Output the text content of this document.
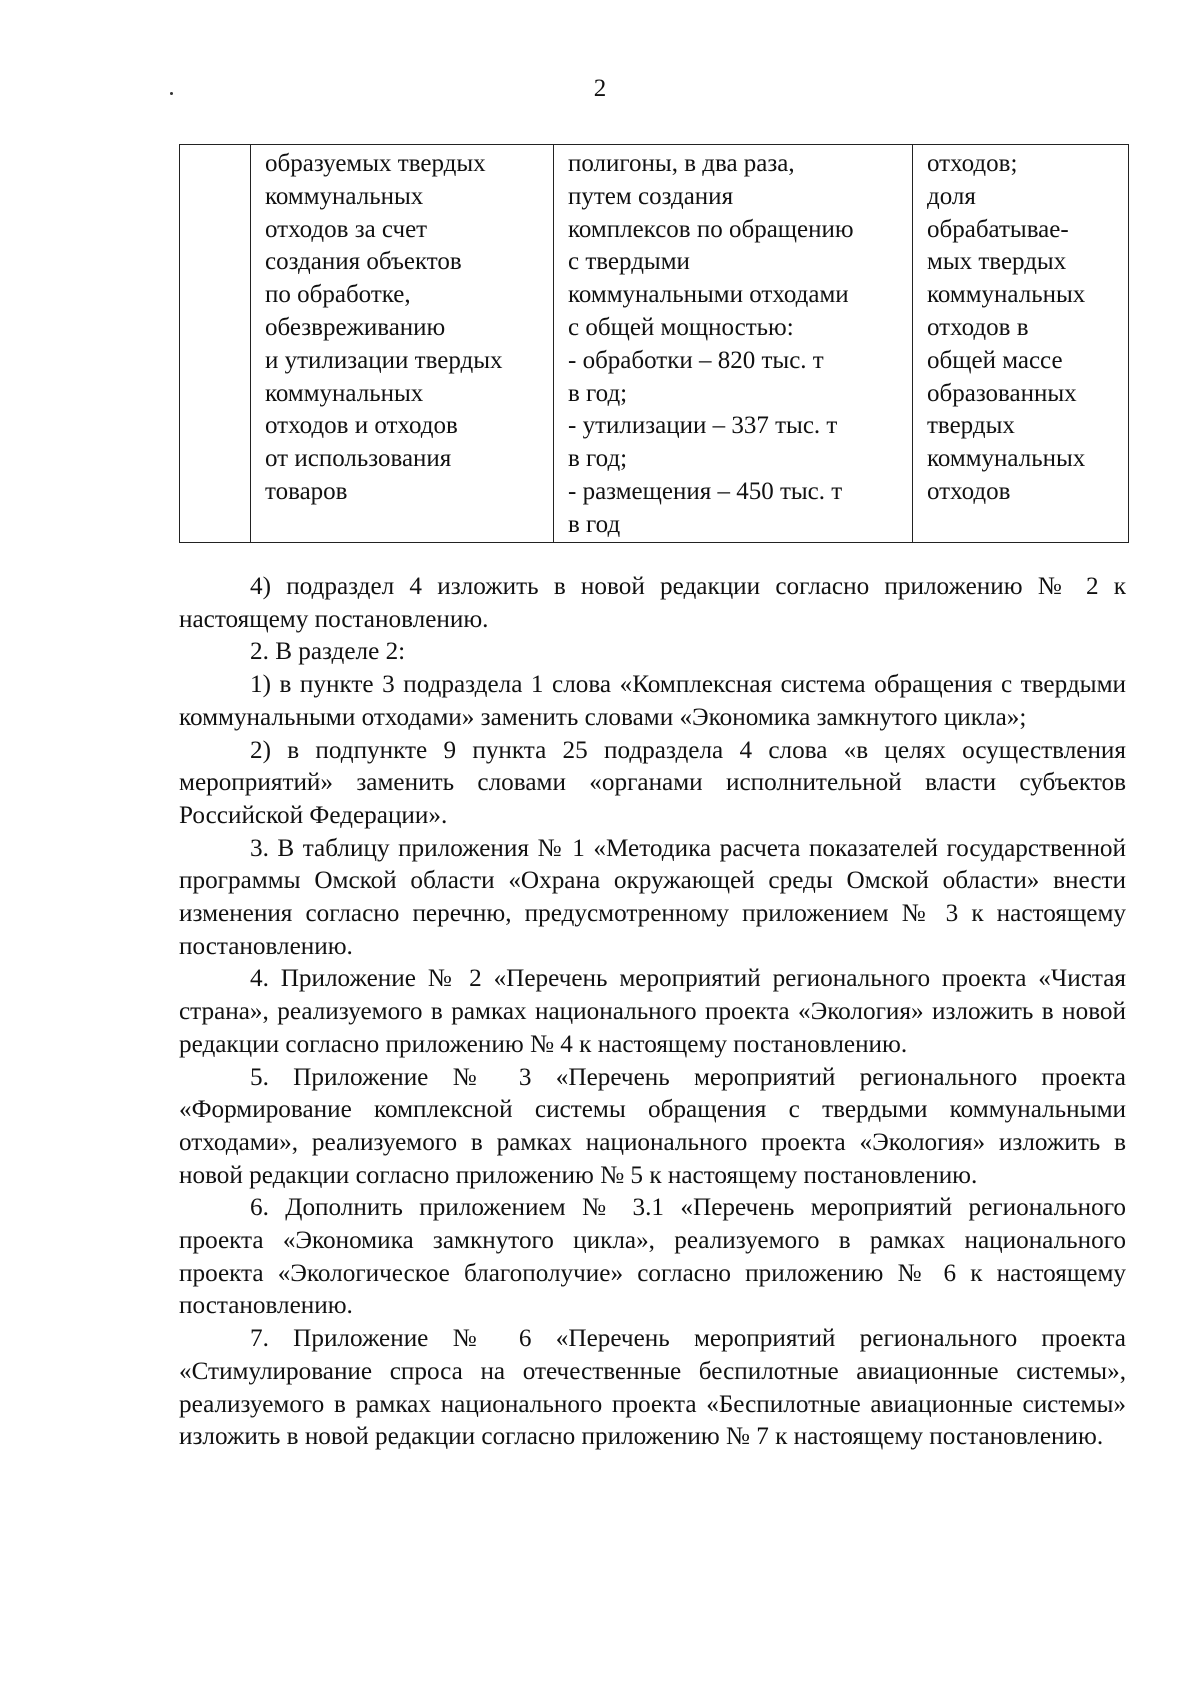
2

образуемых твердых
коммунальных
отходов за счет
создания объектов
по обработке,
обезвреживанию
и утилизации твердых
коммунальных
отходов и отходов
от использования
товаров

полигоны, в два раза,
путем создания
комплексов по обращению
с твердыми
коммунальными отходами
с общей мощностью:
- обработки – 820 тыс. т
в год;
- утилизации – 337 тыс. т
в год;
- размещения – 450 тыс. т
в год

отходов;
доля
обрабатывае-
мых твердых
коммунальных
отходов в
общей массе
образованных
твердых
коммунальных
отходов

4) подраздел 4 изложить в новой редакции согласно приложению № 2 к настоящему постановлению.

2. В разделе 2:

1) в пункте 3 подраздела 1 слова «Комплексная система обращения с твердыми коммунальными отходами» заменить словами «Экономика замкнутого цикла»;

2) в подпункте 9 пункта 25 подраздела 4 слова «в целях осуществления мероприятий» заменить словами «органами исполнительной власти субъектов Российской Федерации».

3. В таблицу приложения № 1 «Методика расчета показателей государственной программы Омской области «Охрана окружающей среды Омской области» внести изменения согласно перечню, предусмотренному приложением № 3 к настоящему постановлению.

4. Приложение № 2 «Перечень мероприятий регионального проекта «Чистая страна», реализуемого в рамках национального проекта «Экология» изложить в новой редакции согласно приложению № 4 к настоящему постановлению.

5. Приложение № 3 «Перечень мероприятий регионального проекта «Формирование комплексной системы обращения с твердыми коммунальными отходами», реализуемого в рамках национального проекта «Экология» изложить в новой редакции согласно приложению № 5 к настоящему постановлению.

6. Дополнить приложением № 3.1 «Перечень мероприятий регионального проекта «Экономика замкнутого цикла», реализуемого в рамках национального проекта «Экологическое благополучие» согласно приложению № 6 к настоящему постановлению.

7. Приложение № 6 «Перечень мероприятий регионального проекта «Стимулирование спроса на отечественные беспилотные авиационные системы», реализуемого в рамках национального проекта «Беспилотные авиационные системы» изложить в новой редакции согласно приложению № 7 к настоящему постановлению.
